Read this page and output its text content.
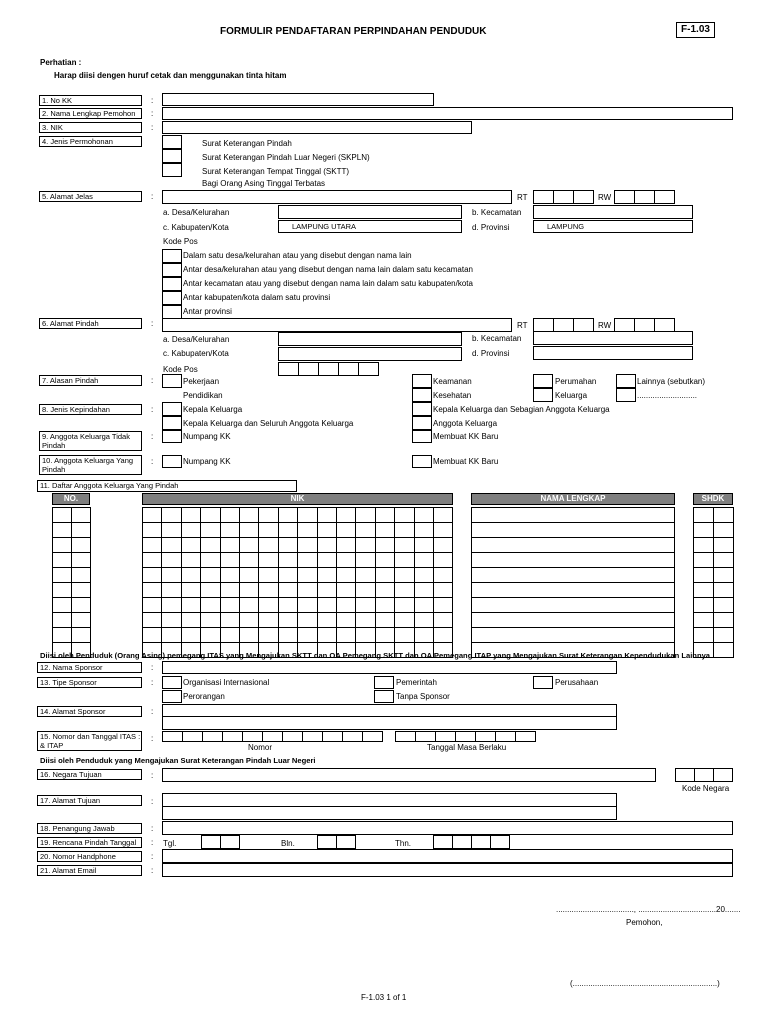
FORMULIR PENDAFTARAN PERPINDAHAN PENDUDUK	F-1.03
Perhatian :
Harap diisi dengen huruf cetak dan menggunakan tinta hitam
1. No KK	:
2. Nama Lengkap Pemohon	:
3. NIK	:
4. Jenis Permohonan	Surat Keterangan Pindah
Surat Keterangan Pindah Luar Negeri (SKPLN)
Surat Keterangan Tempat Tinggal (SKTT)
Bagi Orang Asing Tinggal Terbatas
5. Alamat Jelas	:	RT	RW
a. Desa/Kelurahan	b. Kecamatan
c. Kabupaten/Kota	LAMPUNG UTARA	d. Provinsi	LAMPUNG
Kode Pos
Dalam satu desa/kelurahan atau yang disebut dengan nama lain
Antar desa/kelurahan atau yang disebut dengan nama lain dalam satu kecamatan
Antar kecamatan atau yang disebut dengan nama lain dalam satu kabupaten/kota
Antar kabupaten/kota dalam satu provinsi
Antar provinsi
6. Alamat Pindah	:	RT	RW
a. Desa/Kelurahan	b. Kecamatan
c. Kabupaten/Kota	d. Provinsi
Kode Pos
7. Alasan Pindah	:	Pekerjaan
Pendidikan
Keamanan
Kesehatan
Perumahan
Keluarga
Lainnya (sebutkan)
...........................
8. Jenis Kepindahan	:	Kepala Keluarga
Kepala Keluarga dan Seluruh Anggota Keluarga
Kepala Keluarga dan Sebagian Anggota Keluarga
Anggota Keluarga
9. Anggota Keluarga Tidak Pindah
:	Numpang KK	Membuat KK Baru
10. Anggota Keluarga Yang Pindah
:	Numpang KK	Membuat KK Baru
11. Daftar Anggota Keluarga Yang Pindah
NO.	NIK	NAMA LENGKAP	SHDK
Diisi oleh Penduduk (Orang Asing) pemegang ITAS yang Mengajukan SKTT dan OA Pemegang SKTT dan OA Pemegang ITAP yang Mengajukan Surat Keterangan Kependudukan Lainnya
12. Nama Sponsor	:
13. Tipe Sponsor	:	Organisasi Internasional
Perorangan
Pemerintah
Tanpa Sponsor
Perusahaan
14. Alamat Sponsor	:
15. Nomor dan Tanggal ITAS : & ITAP
:
Nomor	Tanggal Masa Berlaku
Diisi oleh Penduduk yang Mengajukan Surat Keterangan Pindah Luar Negeri
16. Negara Tujuan	:
Kode Negara
17. Alamat Tujuan	:
18. Penangung Jawab	:
19. Rencana Pindah Tanggal	: Tgl.	Bln.	Thn.
20. Nomor Handphone	:
21. Alamat Email	:
..................................., ...................................20.......
Pemohon,
(.................................................................)
F-1.03 1 of 1
